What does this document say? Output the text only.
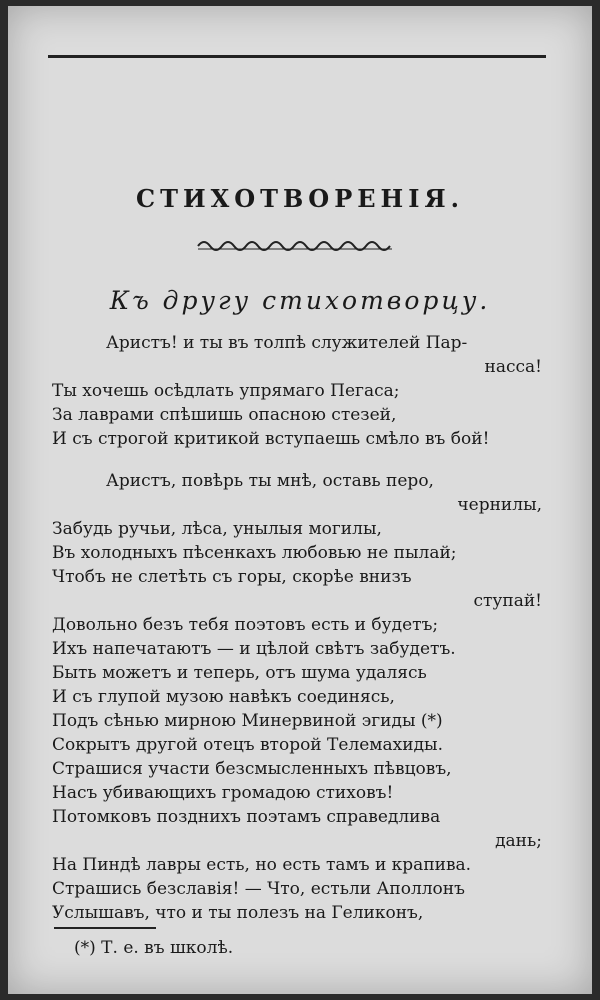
СТИХОТВОРЕНІЯ.
Къ другу стихотворцу.
Аристъ! и ты въ толпѣ служителей Пар-
насса!
Ты хочешь осѣдлать упрямаго Пегаса;
За лаврами спѣшишь опасною стезей,
И съ строгой критикой вступаешь смѣло въ бой!
Аристъ, повѣрь ты мнѣ, оставь перо,
чернилы,
Забудь ручьи, лѣса, унылыя могилы,
Въ холодныхъ пѣсенкахъ любовью не пылай;
Чтобъ не слетѣть съ горы, скорѣе внизъ
ступай!
Довольно безъ тебя поэтовъ есть и будетъ;
Ихъ напечатаютъ — и цѣлой свѣтъ забудетъ.
Быть можетъ и теперь, отъ шума удалясь
И съ глупой музою навѣкъ соединясь,
Подъ сѣнью мирною Минервиной эгиды (*)
Сокрытъ другой отецъ второй Телемахиды.
Страшися участи безсмысленныхъ пѣвцовъ,
Насъ убивающихъ громадою стиховъ!
Потомковъ позднихъ поэтамъ справедлива
дань;
На Пиндѣ лавры есть, но есть тамъ и крапива.
Страшись безславія! — Что, естьли Аполлонъ
Услышавъ, что и ты полезъ на Геликонъ,
(*) Т. е. въ школѣ.
